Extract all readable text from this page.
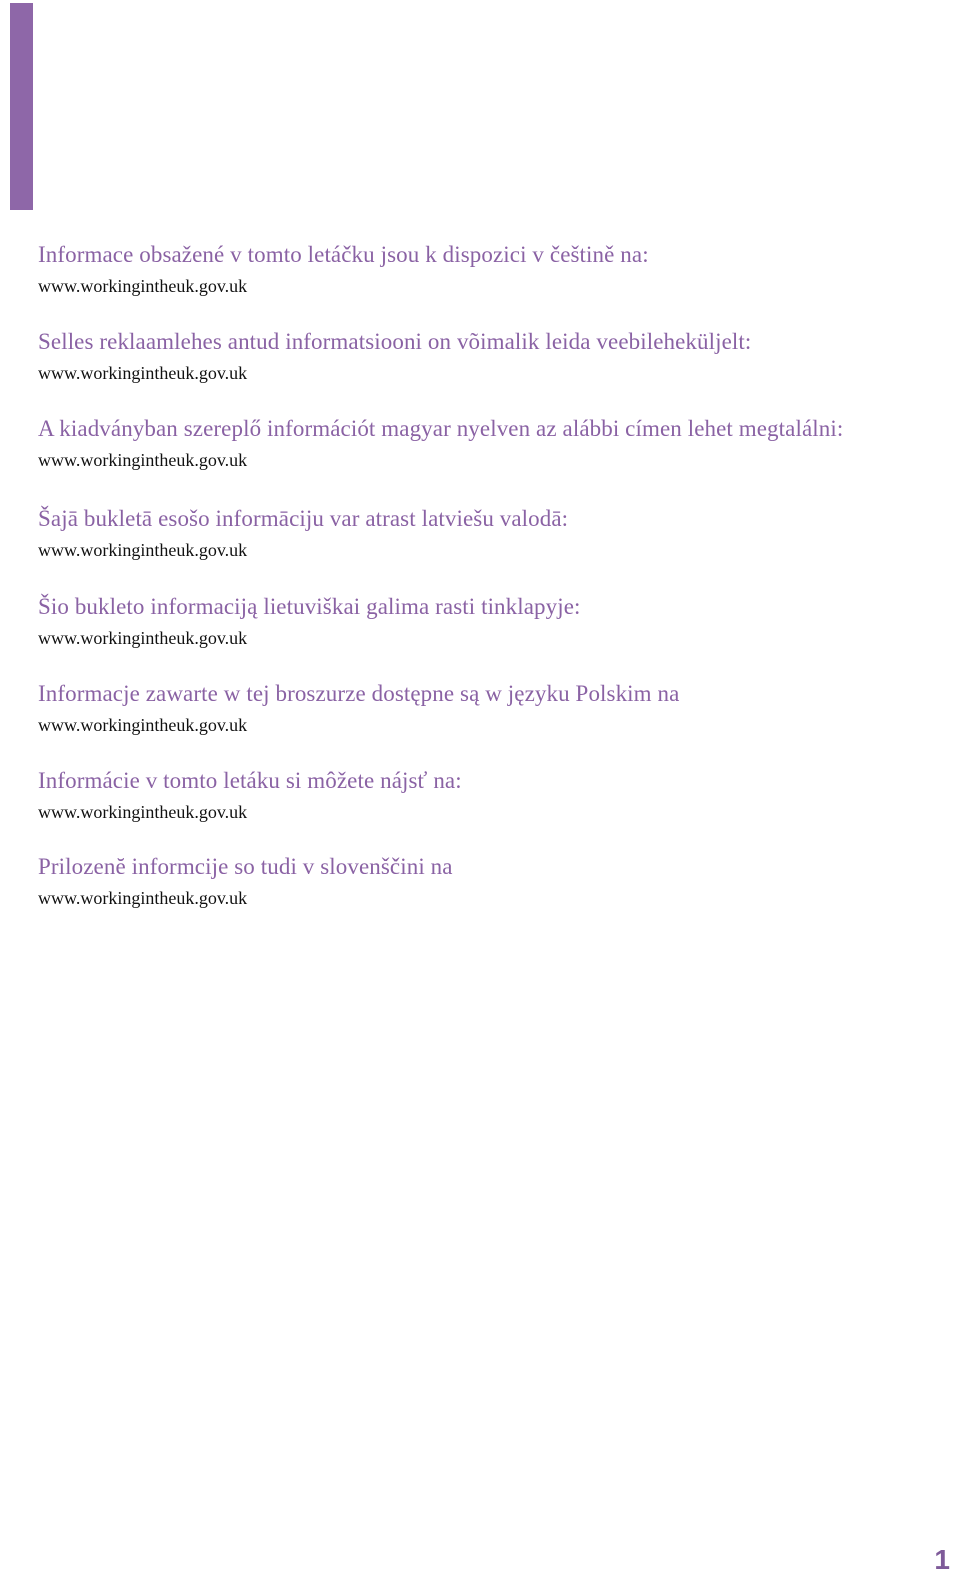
Informace obsažené v tomto letáčku jsou k dispozici v češtině na:
www.workingintheuk.gov.uk
Selles reklaamlehes antud informatsiooni on võimalik leida veebileheküljelt:
www.workingintheuk.gov.uk
A kiadványban szereplő információt magyar nyelven az alábbi címen lehet megtalálni:
www.workingintheuk.gov.uk
Šajā bukletā esošo informāciju var atrast latviešu valodā:
www.workingintheuk.gov.uk
Šio bukleto informaciją lietuviškai galima rasti tinklapyje:
www.workingintheuk.gov.uk
Informacje zawarte w tej broszurze dostępne są w języku Polskim na
www.workingintheuk.gov.uk
Informácie v tomto letáku si môžete nájsť na:
www.workingintheuk.gov.uk
Prilozenĕ informcije so tudi v slovenščini na
www.workingintheuk.gov.uk
1
